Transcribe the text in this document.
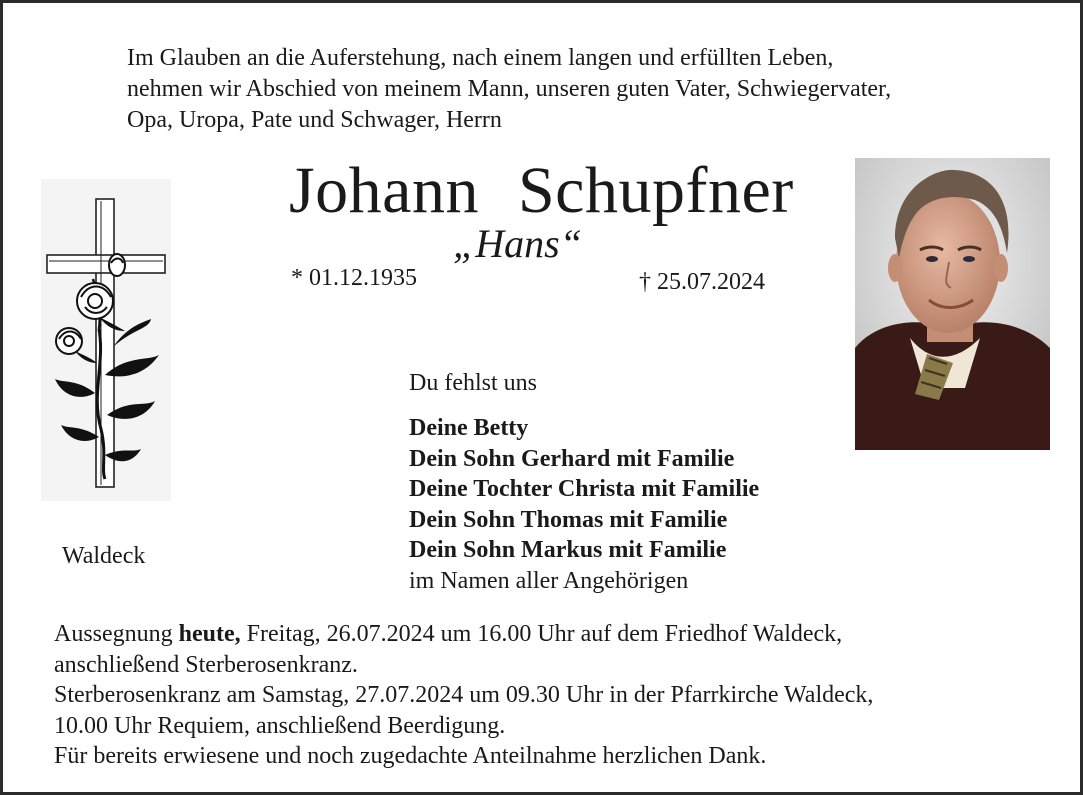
Im Glauben an die Auferstehung, nach einem langen und erfüllten Leben,
nehmen wir Abschied von meinem Mann, unseren guten Vater, Schwiegervater,
Opa, Uropa, Pate und Schwager, Herrn
Johann Schupfner
„Hans“
* 01.12.1935	† 25.07.2024
Waldeck
Du fehlst uns
Deine Betty
Dein Sohn Gerhard mit Familie
Deine Tochter Christa mit Familie
Dein Sohn Thomas mit Familie
Dein Sohn Markus mit Familie
im Namen aller Angehörigen
Aussegnung heute, Freitag, 26.07.2024 um 16.00 Uhr auf dem Friedhof Waldeck,
anschließend Sterberosenkranz.
Sterberosenkranz am Samstag, 27.07.2024 um 09.30 Uhr in der Pfarrkirche Waldeck,
10.00 Uhr Requiem, anschließend Beerdigung.
Für bereits erwiesene und noch zugedachte Anteilnahme herzlichen Dank.
